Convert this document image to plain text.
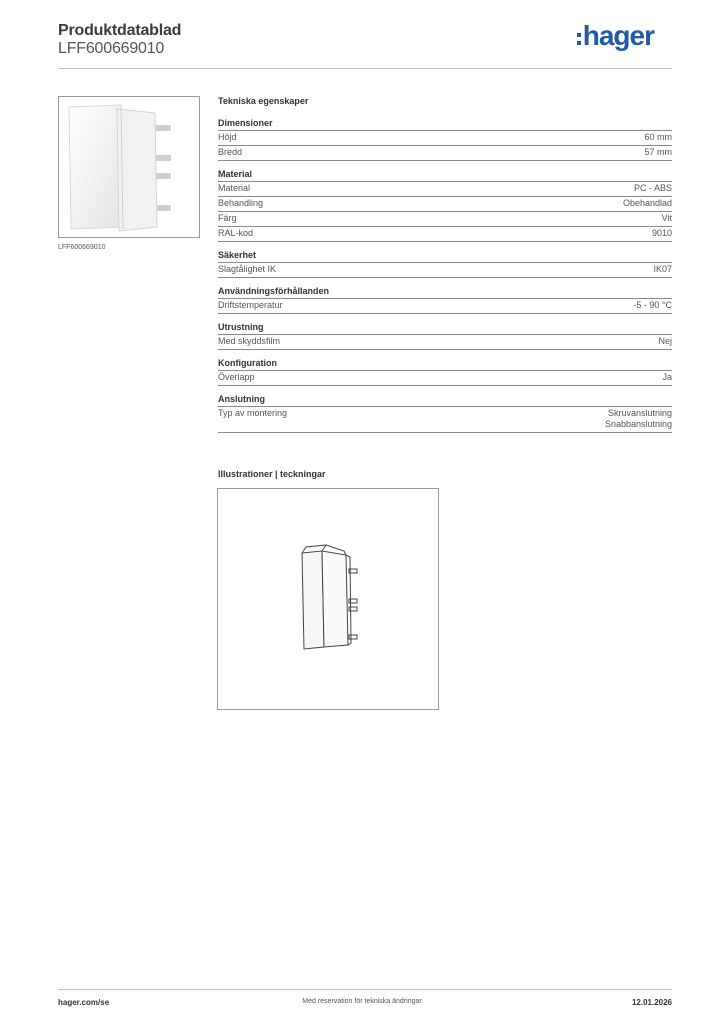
Produktdatablad
LFF600669010	hager
LFF600669010
Tekniska egenskaper
Dimensioner
Höjd	60 mm
Bredd	57 mm
Material
Material	PC - ABS
Behandling	Obehandlad
Färg	Vit
RAL-kod	9010
Säkerhet
Slagtålighet IK	IK07
Användningsförhållanden
Driftstemperatur	-5 - 90 °C
Utrustning
Med skyddsfilm	Nej
Konfiguration
Överlapp	Ja
Anslutning
Typ av montering	Skruvanslutning
Snabbanslutning
Illustrationer | teckningar
hager.com/se	Med reservation för tekniska ändringar	12.01.2026
